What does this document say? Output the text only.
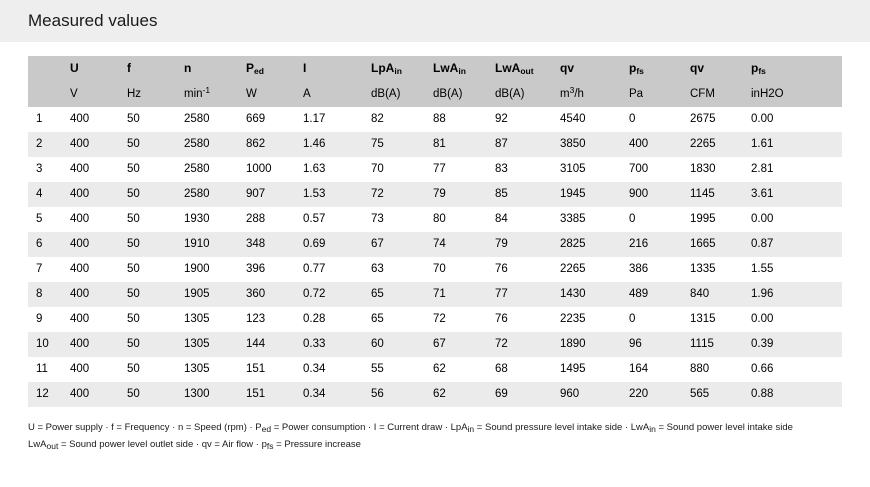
Measured values
	U	f	n	$P_{ed}$	I	LpA$_{in}$	LwA$_{in}$	LwA$_{out}$	qv	$p_{fs}$	qv	$p_{fs}$
	V	Hz	$\min^{-1}$	W	A	dB(A)	dB(A)	dB(A)	$m^3/h$	Pa	CFM	inH2O
1	400	50	2580	669	1.17	82	88	92	4540	0	2675	0.00
2	400	50	2580	862	1.46	75	81	87	3850	400	2265	1.61
3	400	50	2580	1000	1.63	70	77	83	3105	700	1830	2.81
4	400	50	2580	907	1.53	72	79	85	1945	900	1145	3.61
5	400	50	1930	288	0.57	73	80	84	3385	0	1995	0.00
6	400	50	1910	348	0.69	67	74	79	2825	216	1665	0.87
7	400	50	1900	396	0.77	63	70	76	2265	386	1335	1.55
8	400	50	1905	360	0.72	65	71	77	1430	489	840	1.96
9	400	50	1305	123	0.28	65	72	76	2235	0	1315	0.00
10	400	50	1305	144	0.33	60	67	72	1890	96	1115	0.39
11	400	50	1305	151	0.34	55	62	68	1495	164	880	0.66
12	400	50	1300	151	0.34	56	62	69	960	220	565	0.88
U = Power supply · f = Frequency · n = Speed $(rpm) \cdot P_{ed}$ = Power consumption · I = Current draw · LpA$_{in}$ = Sound pressure level intake side · LwA$_{in}$ = Sound power level intake side
LwA$_{out}$ = Sound power level outlet side · qv = Air flow · $p_{fs}$ = Pressure increase
